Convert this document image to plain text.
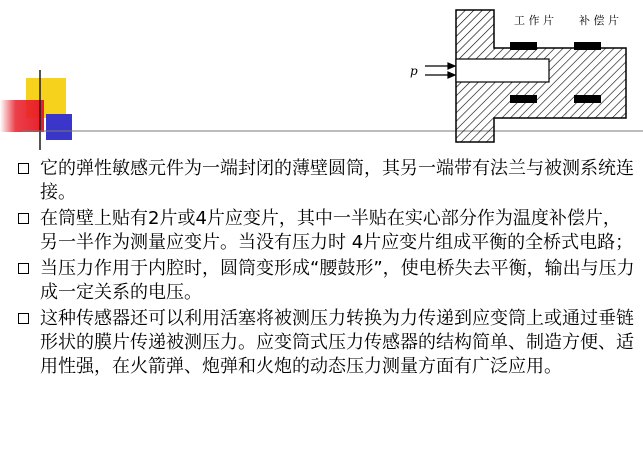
工 作 片 补 偿 片
p
它的弹性敏感元件为一端封闭的薄壁圆筒，其另一端带有法兰与被测系统连接。
在筒壁上贴有2片或4片应变片，其中一半贴在实心部分作为温度补偿片，另一半作为测量应变片。当没有压力时 4片应变片组成平衡的全桥式电路；
当压力作用于内腔时，圆筒变形成“腰鼓形”，使电桥失去平衡，输出与压力成一定关系的电压。
这种传感器还可以利用活塞将被测压力转换为力传递到应变筒上或通过垂链形状的膜片传递被测压力。应变筒式压力传感器的结构简单、制造方便、适用性强，在火箭弹、炮弹和火炮的动态压力测量方面有广泛应用。
